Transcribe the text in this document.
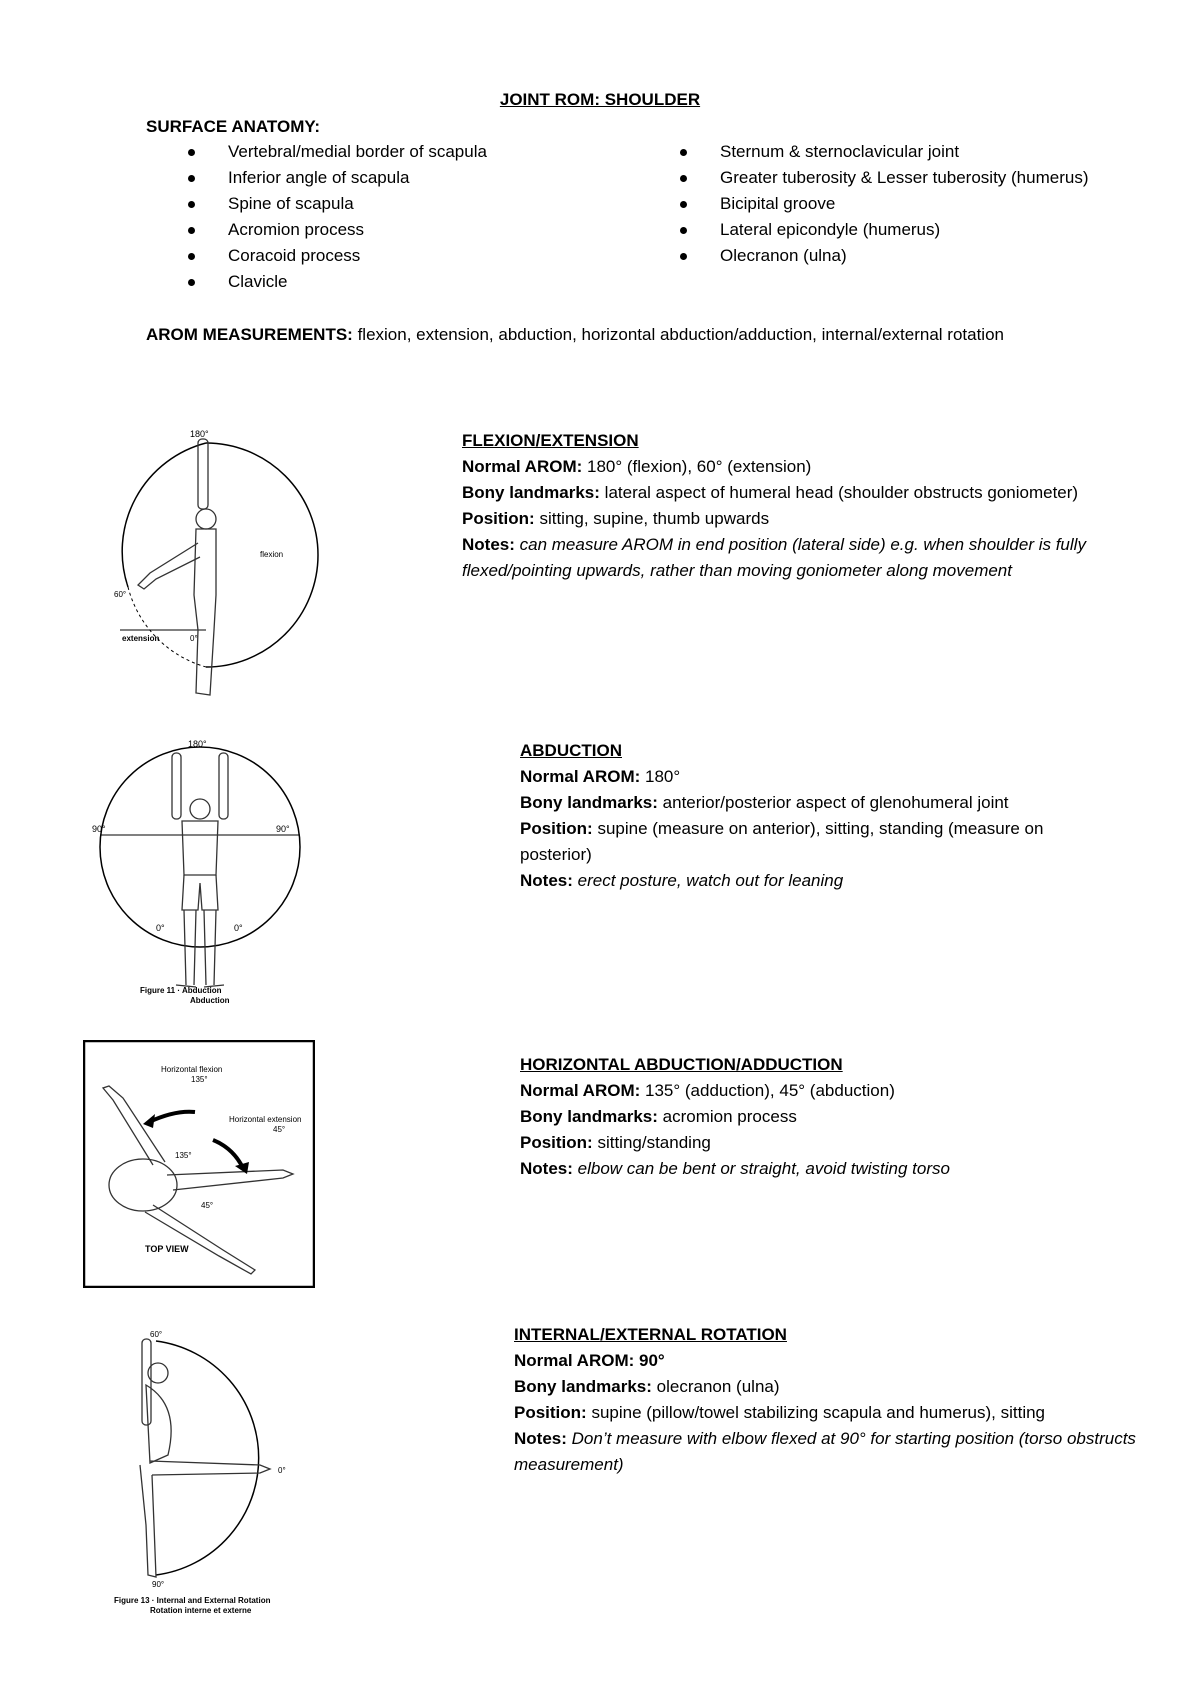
JOINT ROM: SHOULDER
SURFACE ANATOMY:
Vertebral/medial border of scapula
Inferior angle of scapula
Spine of scapula
Acromion process
Coracoid process
Clavicle
Sternum & sternoclavicular joint
Greater tuberosity & Lesser tuberosity (humerus)
Bicipital groove
Lateral epicondyle (humerus)
Olecranon (ulna)
AROM MEASUREMENTS: flexion, extension, abduction, horizontal abduction/adduction, internal/external rotation
180°
flexion
60°
extension	0°
FLEXION/EXTENSION
Normal AROM: 180° (flexion), 60° (extension)
Bony landmarks: lateral aspect of humeral head (shoulder obstructs goniometer)
Position: sitting, supine, thumb upwards
Notes: can measure AROM in end position (lateral side) e.g. when shoulder is fully flexed/pointing upwards, rather than moving goniometer along movement
180°
90°	90°
0°	0°
Figure 11 · Abduction
Abduction
ABDUCTION
Normal AROM: 180°
Bony landmarks: anterior/posterior aspect of glenohumeral joint
Position: supine (measure on anterior), sitting, standing (measure on posterior)
Notes: erect posture, watch out for leaning
Horizontal flexion
135°
Horizontal extension
45°
135°
45°
TOP VIEW
HORIZONTAL ABDUCTION/ADDUCTION
Normal AROM: 135° (adduction), 45° (abduction)
Bony landmarks: acromion process
Position: sitting/standing
Notes: elbow can be bent or straight, avoid twisting torso
60°
0°
90°
Figure 13 · Internal and External Rotation
Rotation interne et externe
INTERNAL/EXTERNAL ROTATION
Normal AROM: 90°
Bony landmarks: olecranon (ulna)
Position: supine (pillow/towel stabilizing scapula and humerus), sitting
Notes: Don’t measure with elbow flexed at 90° for starting position (torso obstructs measurement)
